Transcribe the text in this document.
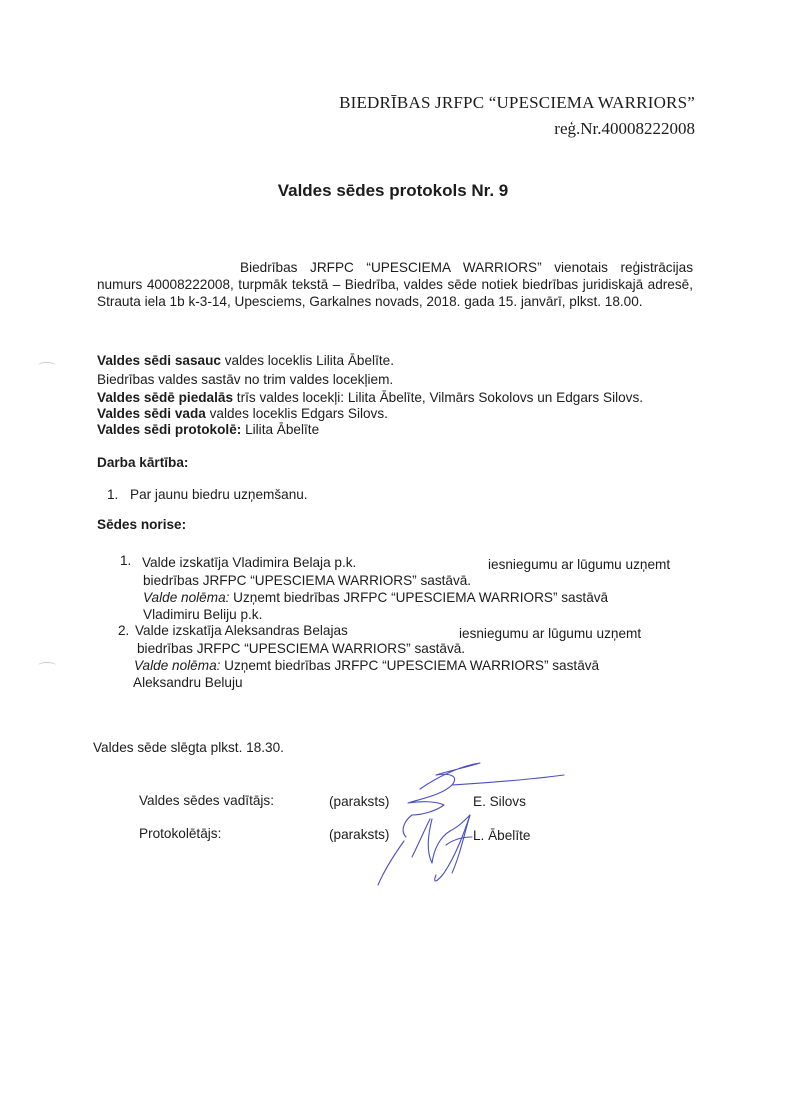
BIEDRĪBAS JRFPC “UPESCIEMA WARRIORS”
reģ.Nr.40008222008
Valdes sēdes protokols Nr. 9
Biedrības JRFPC “UPESCIEMA WARRIORS” vienotais reģistrācijas numurs 40008222008, turpmāk tekstā – Biedrība, valdes sēde notiek biedrības juridiskajā adresē, Strauta iela 1b k-3-14, Upesciems, Garkalnes novads, 2018. gada 15. janvārī, plkst. 18.00.
Valdes sēdi sasauc valdes loceklis Lilita Ābelīte.
Biedrības valdes sastāv no trim valdes locekļiem.
Valdes sēdē piedalās trīs valdes locekļi: Lilita Ābelīte, Vilmārs Sokolovs un Edgars Silovs.
Valdes sēdi vada valdes loceklis Edgars Silovs.
Valdes sēdi protokolē: Lilita Ābelīte
Darba kārtība:
1. Par jaunu biedru uzņemšanu.
Sēdes norise:
1. Valde izskatīja Vladimira Belaja p.k.	iesniegumu ar lūgumu uzņemt
biedrības JRFPC “UPESCIEMA WARRIORS” sastāvā.
Valde nolēma: Uzņemt biedrības JRFPC “UPESCIEMA WARRIORS” sastāvā
Vladimiru Beliju p.k.
2. Valde izskatīja Aleksandras Belajas	iesniegumu ar lūgumu uzņemt
biedrības JRFPC “UPESCIEMA WARRIORS” sastāvā.
Valde nolēma: Uzņemt biedrības JRFPC “UPESCIEMA WARRIORS” sastāvā
Aleksandru Beluju
Valdes sēde slēgta plkst. 18.30.
Valdes sēdes vadītājs:	(paraksts)	E. Silovs
Protokolētājs:	(paraksts)	L. Ābelīte
